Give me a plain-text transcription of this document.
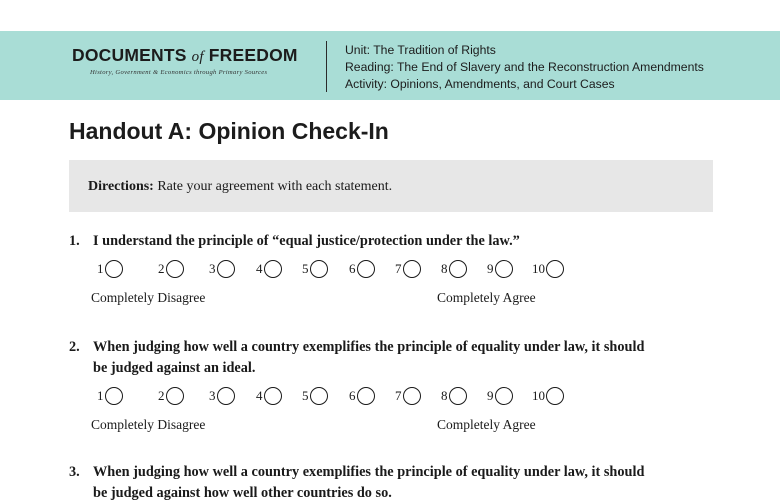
DOCUMENTS of FREEDOM
History, Government & Economics through Primary Sources
Unit: The Tradition of Rights
Reading: The End of Slavery and the Reconstruction Amendments
Activity: Opinions, Amendments, and Court Cases
Handout A: Opinion Check-In
Directions: Rate your agreement with each statement.
1. I understand the principle of “equal justice/protection under the law.”
1	2	3	4	5	6	7	8	9	10
Completely Disagree	Completely Agree
2. When judging how well a country exemplifies the principle of equality under law, it should
be judged against an ideal.
1	2	3	4	5	6	7	8	9	10
Completely Disagree	Completely Agree
3. When judging how well a country exemplifies the principle of equality under law, it should
be judged against how well other countries do so.
